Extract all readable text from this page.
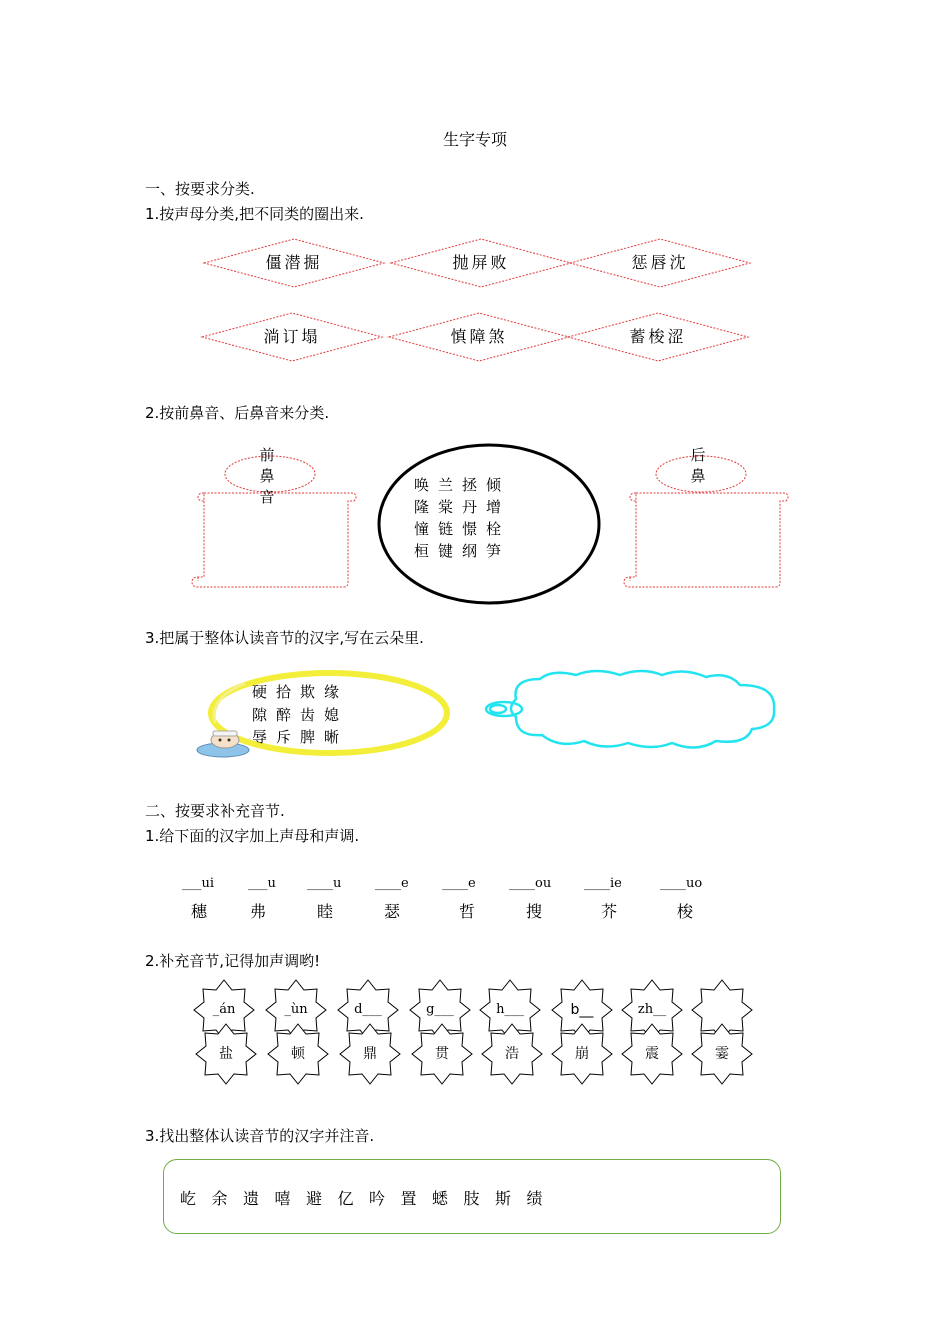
生字专项
一、按要求分类.
1.按声母分类,把不同类的圈出来.
僵潜掘	抛屏败	惩唇沈
淌订塌	慎障煞	蓄梭涩
2.按前鼻音、后鼻音来分类.
前
鼻
音
唤兰拯倾
隆棠丹增
憧链憬栓
桓键纲笋
后
鼻
3.把属于整体认读音节的汉字,写在云朵里.
硬拾欺缘
隙醉齿媳
辱斥脾晰
二、按要求补充音节.
1.给下面的汉字加上声母和声调.
___ui	___u ____u	____e	____e	____ou	____ie	____uo
穗	弗	睦	瑟	哲	搜	芥	梭
2.补充音节,记得加声调哟!
_án	_ùn	d___	g___	h___	b__	zh__
盐	顿	鼎	贯	浩	崩	震	霎
3.找出整体认读音节的汉字并注音.
屹 余 遗 嘻 避 亿 吟 置 蟋 肢 斯 绩
